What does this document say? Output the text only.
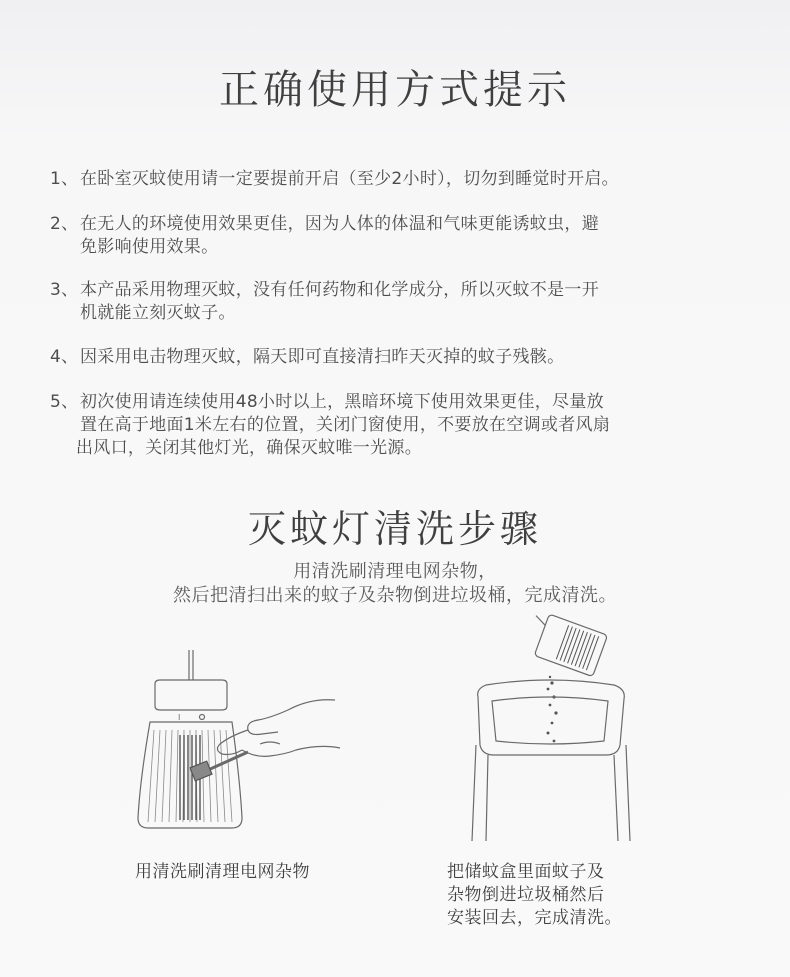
正确使用方式提示
1、 在卧室灭蚊使用请一定要提前开启（至少2小时），切勿到睡觉时开启。
2、 在无人的环境使用效果更佳，因为人体的体温和气味更能诱蚊虫，避
免影响使用效果。
3、 本产品采用物理灭蚊，没有任何药物和化学成分，所以灭蚊不是一开
机就能立刻灭蚊子。
4、 因采用电击物理灭蚊，隔天即可直接清扫昨天灭掉的蚊子残骸。
5、 初次使用请连续使用48小时以上，黑暗环境下使用效果更佳，尽量放
置在高于地面1米左右的位置，关闭门窗使用，不要放在空调或者风扇
出风口，关闭其他灯光，确保灭蚊唯一光源。
灭蚊灯清洗步骤
用清洗刷清理电网杂物，
然后把清扫出来的蚊子及杂物倒进垃圾桶，完成清洗。
I
用清洗刷清理电网杂物	把储蚊盒里面蚊子及
杂物倒进垃圾桶然后
安装回去，完成清洗。
